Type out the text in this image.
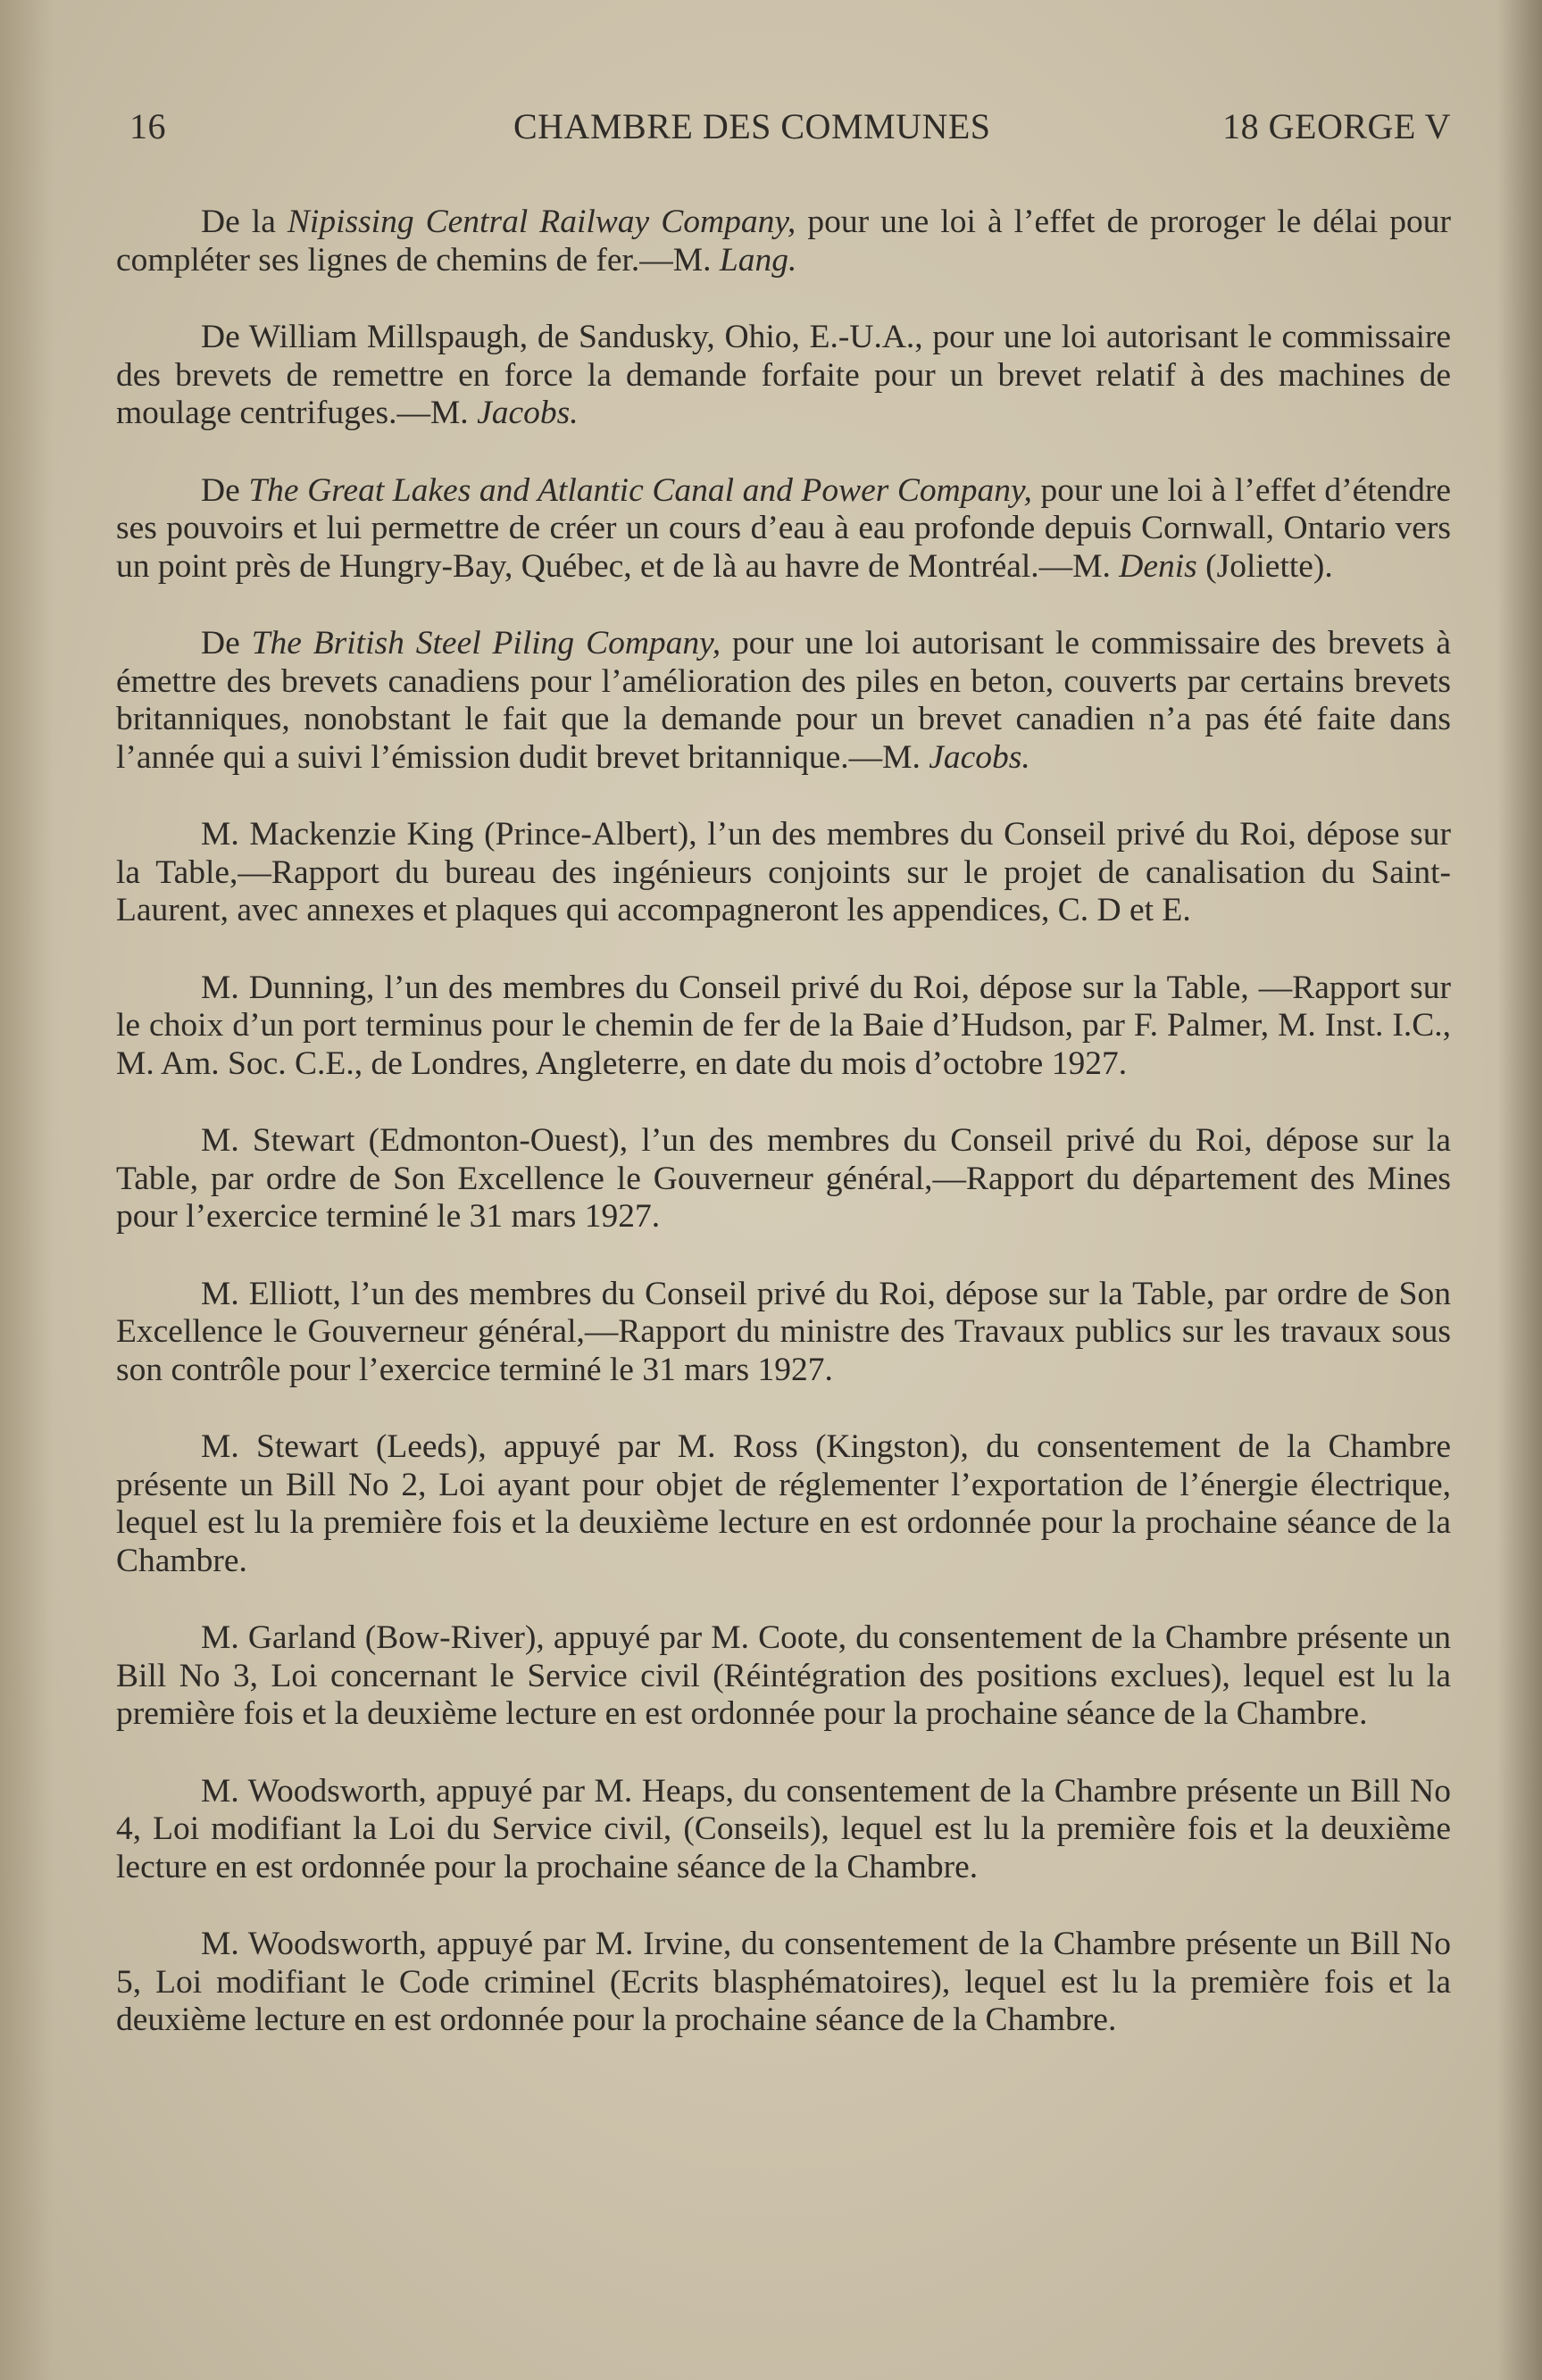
16	CHAMBRE DES COMMUNES	18 GEORGE V

De la Nipissing Central Railway Company, pour une loi à l’effet de proroger le délai pour compléter ses lignes de chemins de fer.—M. Lang.

De William Millspaugh, de Sandusky, Ohio, E.-U.A., pour une loi autorisant le commissaire des brevets de remettre en force la demande forfaite pour un brevet relatif à des machines de moulage centrifuges.—M. Jacobs.

De The Great Lakes and Atlantic Canal and Power Company, pour une loi à l’effet d’étendre ses pouvoirs et lui permettre de créer un cours d’eau à eau profonde depuis Cornwall, Ontario vers un point près de Hungry-Bay, Québec, et de là au havre de Montréal.—M. Denis (Joliette).

De The British Steel Piling Company, pour une loi autorisant le commissaire des brevets à émettre des brevets canadiens pour l’amélioration des piles en beton, couverts par certains brevets britanniques, nonobstant le fait que la demande pour un brevet canadien n’a pas été faite dans l’année qui a suivi l’émission dudit brevet britannique.—M. Jacobs.

M. Mackenzie King (Prince-Albert), l’un des membres du Conseil privé du Roi, dépose sur la Table,—Rapport du bureau des ingénieurs conjoints sur le projet de canalisation du Saint-Laurent, avec annexes et plaques qui accompagneront les appendices, C. D et E.

M. Dunning, l’un des membres du Conseil privé du Roi, dépose sur la Table, —Rapport sur le choix d’un port terminus pour le chemin de fer de la Baie d’Hudson, par F. Palmer, M. Inst. I.C., M. Am. Soc. C.E., de Londres, Angleterre, en date du mois d’octobre 1927.

M. Stewart (Edmonton-Ouest), l’un des membres du Conseil privé du Roi, dépose sur la Table, par ordre de Son Excellence le Gouverneur général,—Rapport du département des Mines pour l’exercice terminé le 31 mars 1927.

M. Elliott, l’un des membres du Conseil privé du Roi, dépose sur la Table, par ordre de Son Excellence le Gouverneur général,—Rapport du ministre des Travaux publics sur les travaux sous son contrôle pour l’exercice terminé le 31 mars 1927.

M. Stewart (Leeds), appuyé par M. Ross (Kingston), du consentement de la Chambre présente un Bill No 2, Loi ayant pour objet de réglementer l’exportation de l’énergie électrique, lequel est lu la première fois et la deuxième lecture en est ordonnée pour la prochaine séance de la Chambre.

M. Garland (Bow-River), appuyé par M. Coote, du consentement de la Chambre présente un Bill No 3, Loi concernant le Service civil (Réintégration des positions exclues), lequel est lu la première fois et la deuxième lecture en est ordonnée pour la prochaine séance de la Chambre.

M. Woodsworth, appuyé par M. Heaps, du consentement de la Chambre présente un Bill No 4, Loi modifiant la Loi du Service civil, (Conseils), lequel est lu la première fois et la deuxième lecture en est ordonnée pour la prochaine séance de la Chambre.

M. Woodsworth, appuyé par M. Irvine, du consentement de la Chambre présente un Bill No 5, Loi modifiant le Code criminel (Ecrits blasphématoires), lequel est lu la première fois et la deuxième lecture en est ordonnée pour la prochaine séance de la Chambre.
